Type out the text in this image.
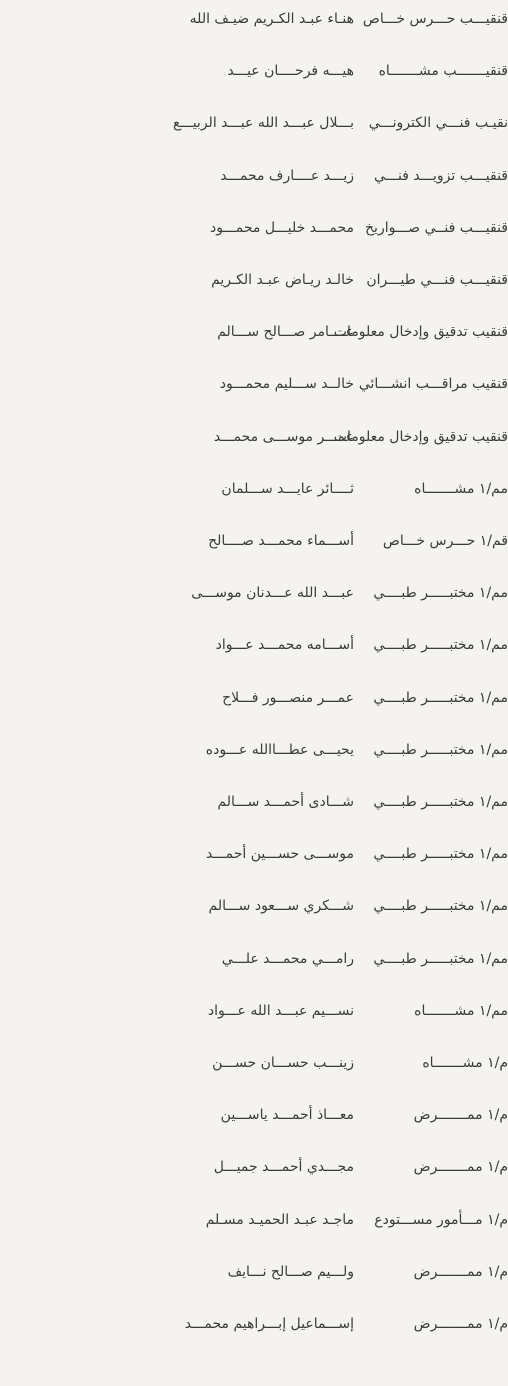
قنقيـــب حـــرس خـــاص
هنـاء عبـد الكـريم ضيـف الله
قنقيـــــــب مشـــــــاه
هيـــه فرحــــان عيـــد
نقيـب فنـــي الكترونـــي
بـــلال عبـــد الله عبـــد الربيـــع
قنقيـــب تزويـــد فنـــي
زيـــد عــــارف محمـــد
قنقيـــب فنــي صـــواريخ
محمـــد خليـــل محمـــود
قنقيـــب فنـــي طيـــران
خالـد ريـاض عبـد الكـريم
قنقيب تدقيق وإدخال معلومات
عــــامر صـــالح ســـالم
قنقيب مراقـــب انشـــائي
خالــد ســـليم محمـــود
قنقيب تدقيق وإدخال معلومات
عمـــر موســـى محمـــد
مم/١ مشـــــــاه
ثــــائر عايـــد ســـلمان
قم/١ حـــرس خـــاص
أســـماء محمـــد صــــالح
مم/١ مختبـــــر طبــــي
عبـــد الله عـــدنان موســـى
مم/١ مختبـــــر طبــــي
أســـامه محمـــد عـــواد
مم/١ مختبـــــر طبــــي
عمـــر منصـــور فـــلاح
مم/١ مختبـــــر طبــــي
يحيـــى عطـــاالله عـــوده
مم/١ مختبـــــر طبــــي
شـــادى أحمـــد ســـالم
مم/١ مختبـــــر طبــــي
موســـى حســـين أحمـــد
مم/١ مختبـــــر طبــــي
شـــكري ســـعود ســـالم
مم/١ مختبـــــر طبــــي
رامـــي محمـــد علـــي
مم/١ مشـــــــاه
نســـيم عبـــد الله عـــواد
م/١ مشـــــــاه
زينـــب حســـان حســـن
م/١ ممـــــــرض
معـــاذ أحمـــد ياســـين
م/١ ممـــــــرض
مجـــدي أحمـــد جميـــل
م/١ مـــأمور مســـتودع
ماجـد عبـد الحميـد مسـلم
م/١ ممـــــــرض
ولـــيم صـــالح نـــايف
م/١ ممـــــــرض
إســـماعيل إبـــراهيم محمـــد
